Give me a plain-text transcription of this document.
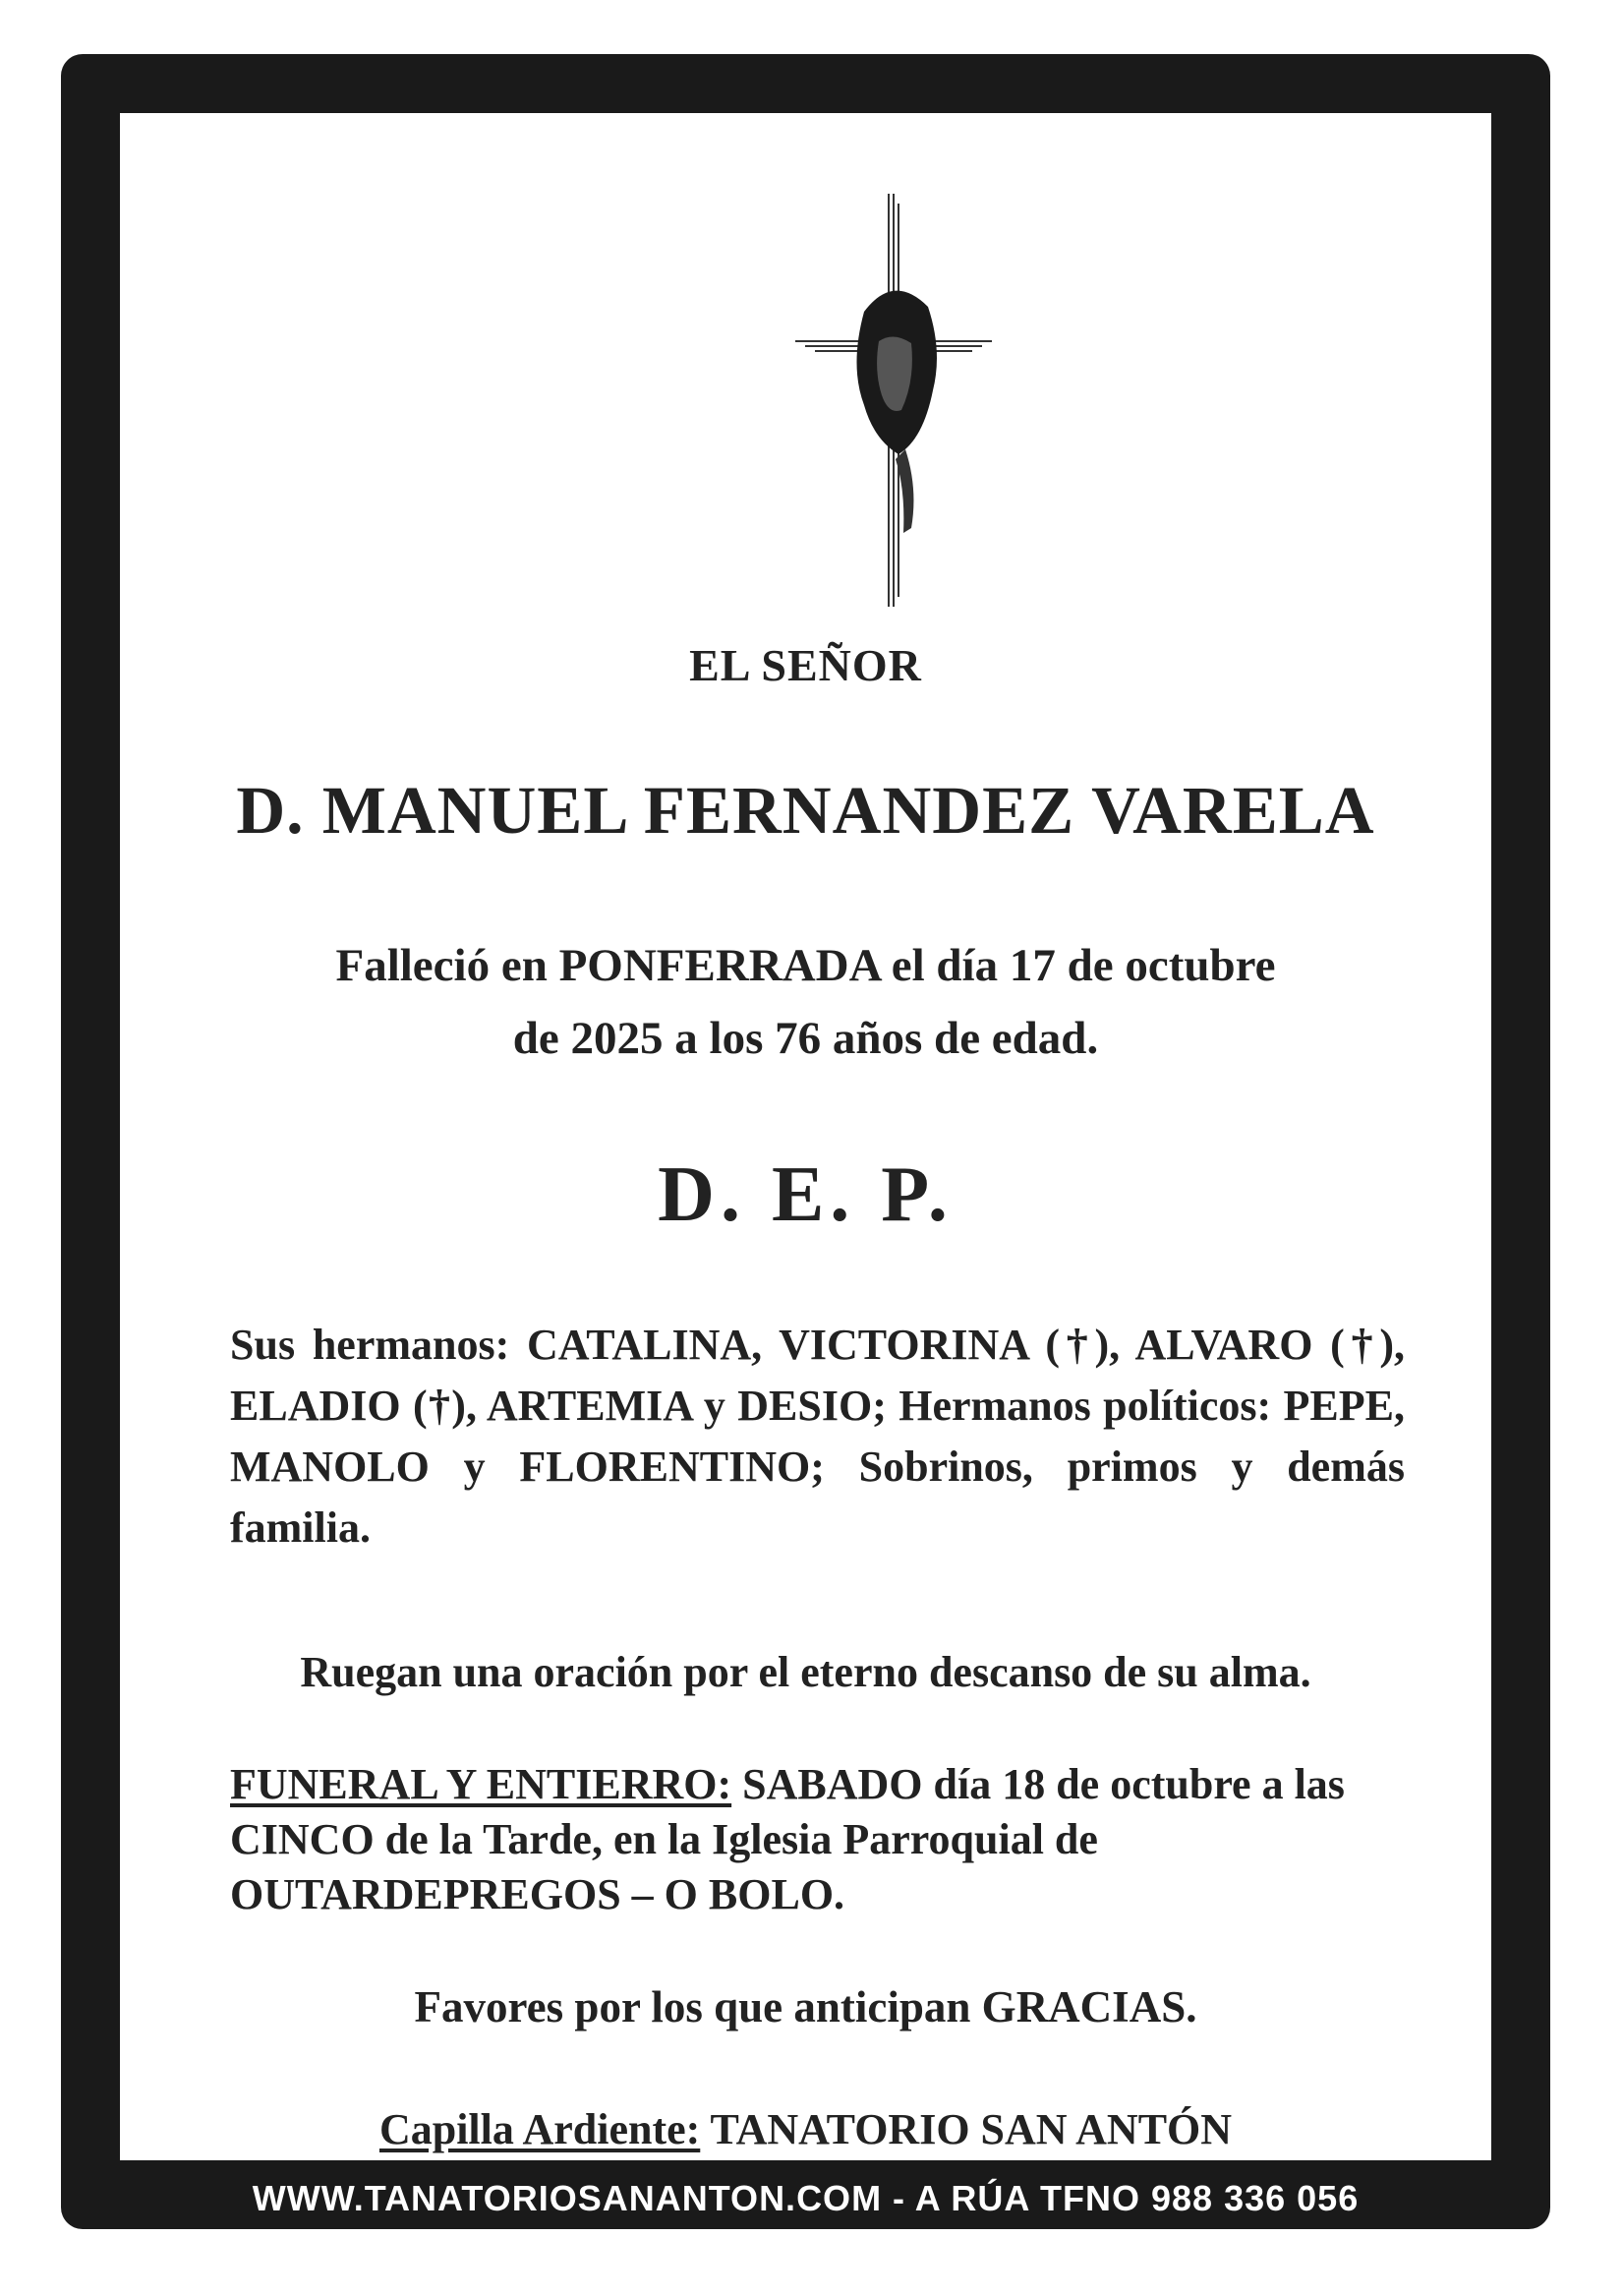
EL SEÑOR
D. MANUEL FERNANDEZ VARELA
Falleció en PONFERRADA el día 17 de octubre
de 2025 a los 76 años de edad.
D. E. P.
Sus hermanos: CATALINA, VICTORINA (†), ALVARO (†), ELADIO (†), ARTEMIA y DESIO; Hermanos políticos: PEPE, MANOLO y FLORENTINO; Sobrinos, primos y demás familia.
Ruegan una oración por el eterno descanso de su alma.
FUNERAL Y ENTIERRO: SABADO día 18 de octubre a las CINCO de la Tarde, en la Iglesia Parroquial de OUTARDEPREGOS – O BOLO.
Favores por los que anticipan GRACIAS.
Capilla Ardiente: TANATORIO SAN ANTÓN
WWW.TANATORIOSANANTON.COM - A RÚA TFNO 988 336 056
